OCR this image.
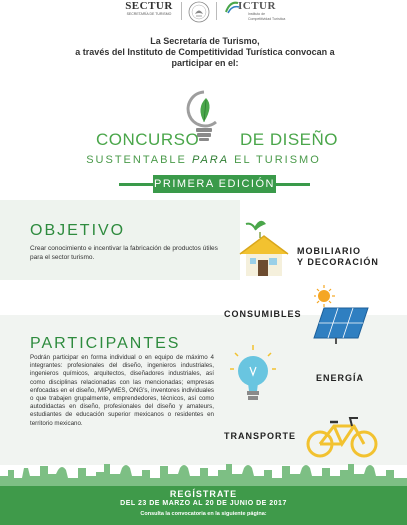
SECTUR
SECRETARÍA DE TURISMO
ICTUR
Instituto de
Competitividad Turística
La Secretaría de Turismo,
a través del Instituto de Competitividad Turística convocan a
participar en el:
CONCURSO DE DISEÑO
SUSTENTABLE PARA EL TURISMO
PRIMERA EDICIÓN
OBJETIVO
Crear conocimiento e incentivar la fabricación de productos útiles para el sector turismo.
PARTICIPANTES
Podrán participar en forma individual o en equipo de máximo 4 integrantes: profesionales del diseño, ingenieros industriales, ingenieros químicos, arquitectos, diseñadores industriales, así como disciplinas relacionadas con las mencionadas; empresas enfocadas en el diseño, MIPyMES, ONG's, inventores individuales o que trabajen grupalmente, emprendedores, técnicos, así como autodidactas en diseño, profesionales del diseño y amateurs, estudiantes de educación superior mexicanos o residentes en territorio mexicano.
MOBILIARIO
Y DECORACIÓN
CONSUMIBLES
ENERGÍA
TRANSPORTE
REGÍSTRATE
DEL 23 DE MARZO AL 20 DE JUNIO DE 2017
Consulta la convocatoria en la siguiente página:
